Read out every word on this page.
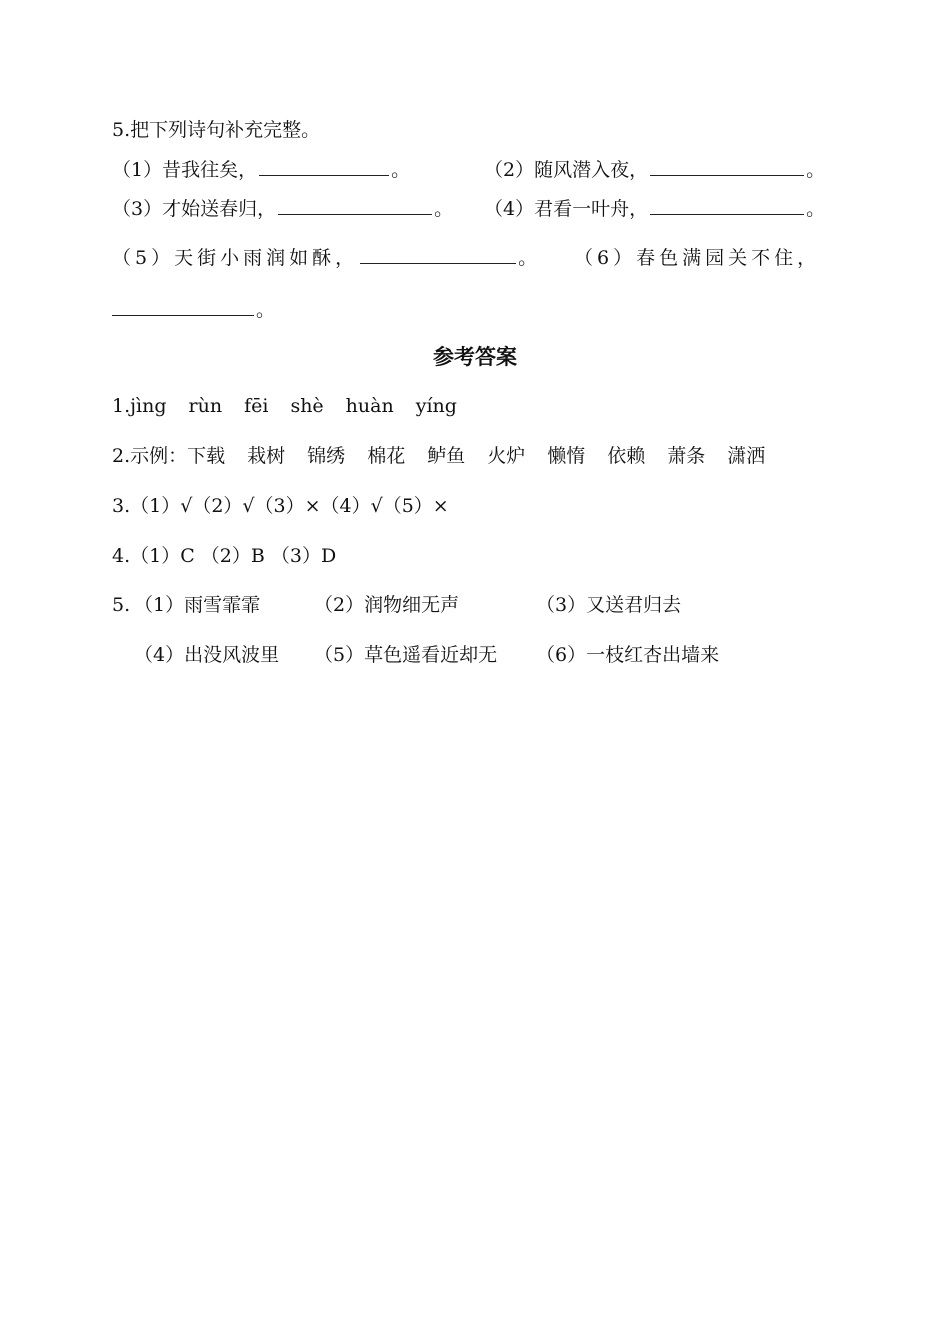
5.把下列诗句补充完整。
（1）昔我往矣，	。	（2）随风潜入夜，	。
（3）才始送春归，	。 （4）君看一叶舟，	。
（5）天街小雨润如酥，	。 （6）春色满园关不住，
。
参考答案
1.jìng rùn fēi shè huàn yíng
2.示例：下载 栽树 锦绣 棉花 鲈鱼 火炉 懒惰 依赖 萧条 潇洒
3.（1）√（2）√（3）×（4）√（5）×
4.（1）C （2）B （3）D
5. （1）雨雪霏霏	（2）润物细无声	（3）又送君归去
（4）出没风波里 （5）草色遥看近却无 （6）一枝红杏出墙来
